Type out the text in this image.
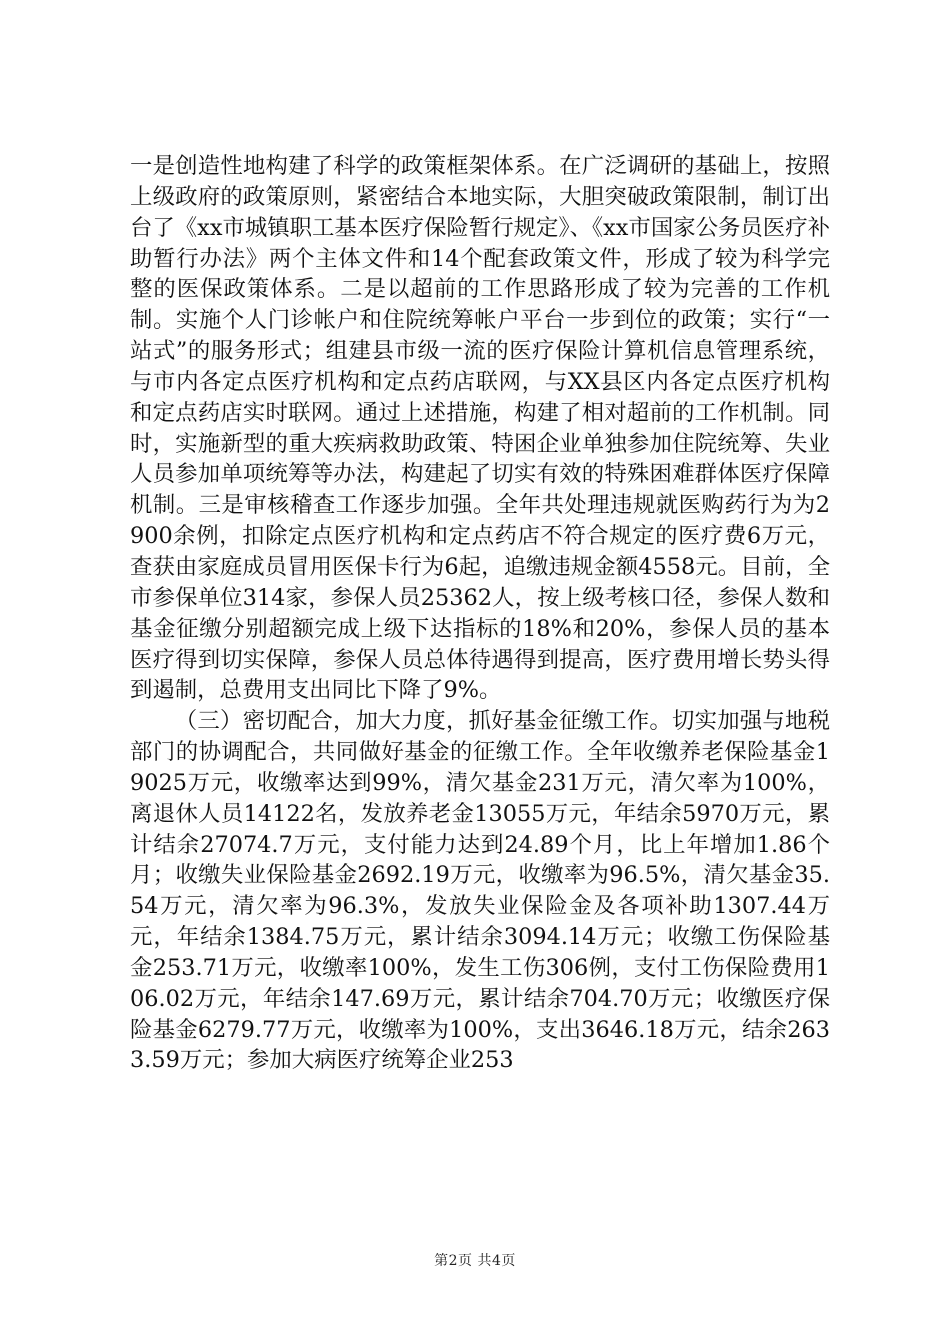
一是创造性地构建了科学的政策框架体系。在广泛调研的基础上，按照上级政府的政策原则，紧密结合本地实际，大胆突破政策限制，制订出台了《xx市城镇职工基本医疗保险暂行规定》、《xx市国家公务员医疗补助暂行办法》两个主体文件和14个配套政策文件，形成了较为科学完整的医保政策体系。二是以超前的工作思路形成了较为完善的工作机制。实施个人门诊帐户和住院统筹帐户平台一步到位的政策；实行“一站式”的服务形式；组建县市级一流的医疗保险计算机信息管理系统，与市内各定点医疗机构和定点药店联网，与XX县区内各定点医疗机构和定点药店实时联网。通过上述措施，构建了相对超前的工作机制。同时，实施新型的重大疾病救助政策、特困企业单独参加住院统筹、失业人员参加单项统筹等办法，构建起了切实有效的特殊困难群体医疗保障机制。三是审核稽查工作逐步加强。全年共处理违规就医购药行为为2900余例，扣除定点医疗机构和定点药店不符合规定的医疗费6万元，查获由家庭成员冒用医保卡行为6起，追缴违规金额4558元。目前，全市参保单位314家，参保人员25362人，按上级考核口径，参保人数和基金征缴分别超额完成上级下达指标的18%和20%，参保人员的基本医疗得到切实保障，参保人员总体待遇得到提高，医疗费用增长势头得到遏制，总费用支出同比下降了9%。

（三）密切配合，加大力度，抓好基金征缴工作。切实加强与地税部门的协调配合，共同做好基金的征缴工作。全年收缴养老保险基金19025万元，收缴率达到99%，清欠基金231万元，清欠率为100%，离退休人员14122名，发放养老金13055万元，年结余5970万元，累计结余27074.7万元，支付能力达到24.89个月，比上年增加1.86个月；收缴失业保险基金2692.19万元，收缴率为96.5%，清欠基金35.54万元，清欠率为96.3%，发放失业保险金及各项补助1307.44万元，年结余1384.75万元，累计结余3094.14万元；收缴工伤保险基金253.71万元，收缴率100%，发生工伤306例，支付工伤保险费用106.02万元，年结余147.69万元，累计结余704.70万元；收缴医疗保险基金6279.77万元，收缴率为100%，支出3646.18万元，结余2633.59万元；参加大病医疗统筹企业253

第2页 共4页
